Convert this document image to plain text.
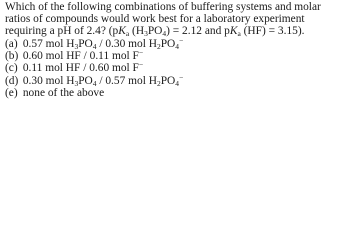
Which of the following combinations of buffering systems and molar ratios of compounds would work best for a laboratory experiment requiring a pH of 2.4? ($pK_a$ $(H_3PO_4) = 2.12$ and $pK_a$ (HF) = 3.15).

(a) 0.57 mol $H_3PO_4 / 0.30$ mol $H_2PO_4^-$
(b) 0.60 mol HF / 0.11 mol F−
(c) 0.11 mol HF / 0.60 mol F−
(d) 0.30 mol $H_3PO_4 / 0.57$ mol $H_2PO_4^-$
(e) none of the above
